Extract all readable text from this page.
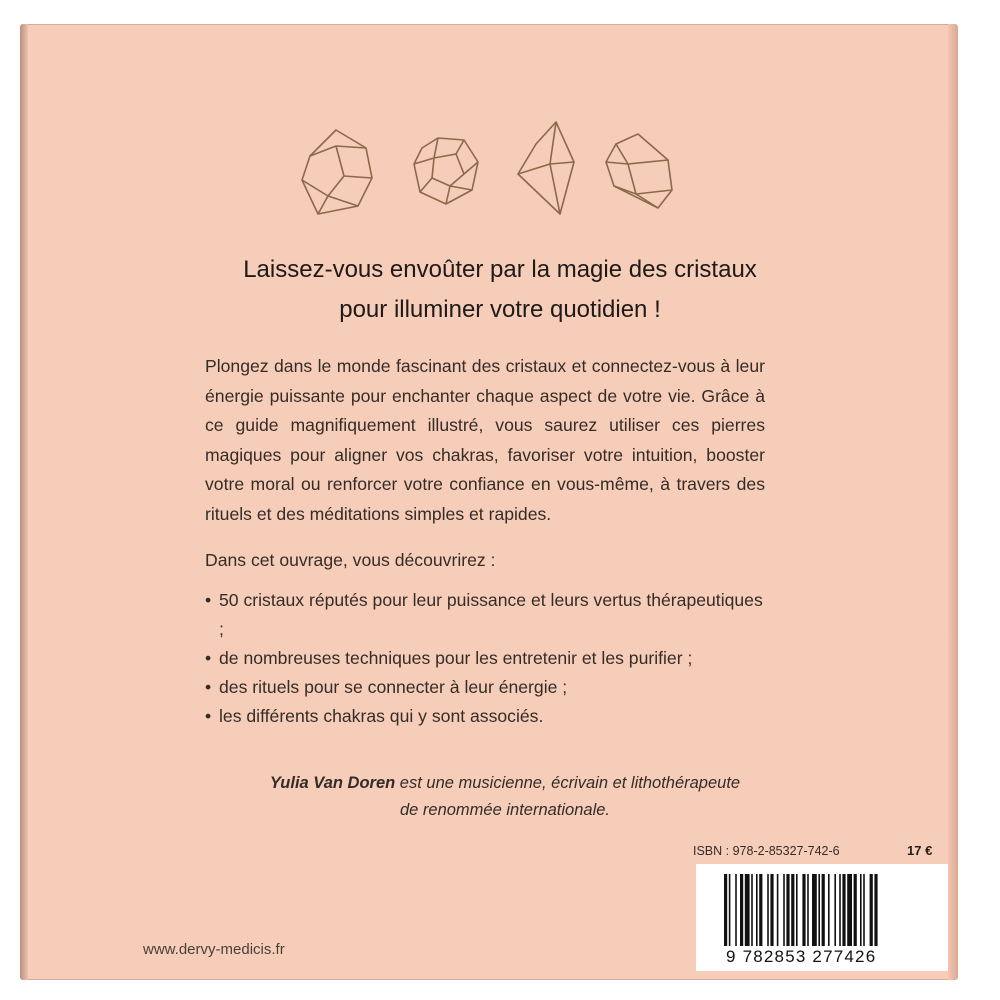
Laissez-vous envoûter par la magie des cristaux
pour illuminer votre quotidien !

Plongez dans le monde fascinant des cristaux et connectez-vous à leur énergie puissante pour enchanter chaque aspect de votre vie. Grâce à ce guide magnifiquement illustré, vous saurez utiliser ces pierres magiques pour aligner vos chakras, favoriser votre intuition, booster votre moral ou renforcer votre confiance en vous-même, à travers des rituels et des méditations simples et rapides.

Dans cet ouvrage, vous découvrirez :

• 50 cristaux réputés pour leur puissance et leurs vertus thérapeutiques ;
• de nombreuses techniques pour les entretenir et les purifier ;
• des rituels pour se connecter à leur énergie ;
• les différents chakras qui y sont associés.

Yulia Van Doren est une musicienne, écrivain et lithothérapeute
de renommée internationale.

ISBN : 978-2-85327-742-6	17 €
9 782853 277426
www.dervy-medicis.fr
